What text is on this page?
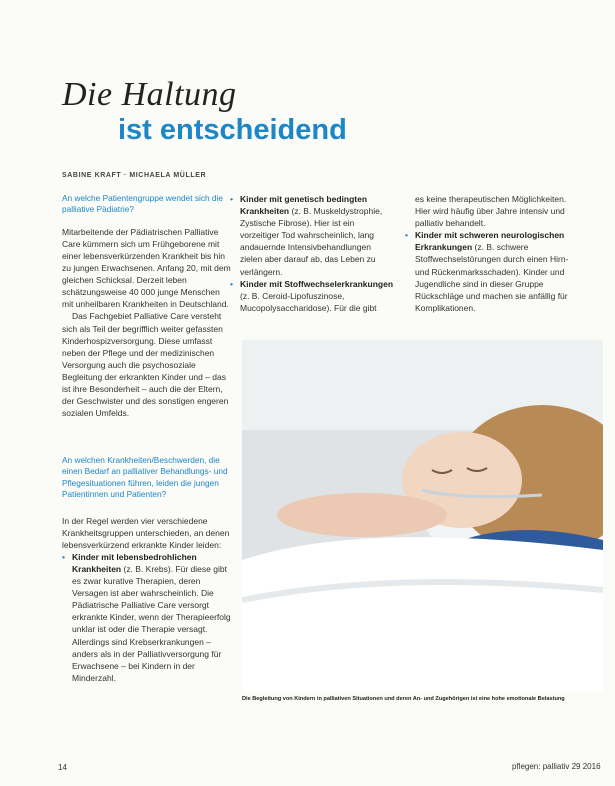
Die Haltung
ist entscheidend
SABINE KRAFT · MICHAELA MÜLLER

An welche Patientengruppe wendet sich die palliative Pädiatrie?

Mitarbeitende der Pädiatrischen Palliative Care kümmern sich um Frühgeborene mit einer lebensverkürzenden Krankheit bis hin zu jungen Erwachsenen. Anfang 20, mit dem gleichen Schicksal. Derzeit leben schätzungsweise 40 000 junge Menschen mit unheilbaren Krankheiten in Deutschland.

Das Fachgebiet Palliative Care versteht sich als Teil der begrifflich weiter gefassten Kinderhospizversorgung. Diese umfasst neben der Pflege und der medizinischen Versorgung auch die psychosoziale Begleitung der erkrankten Kinder und – das ist ihre Besonderheit – auch die der Eltern, der Geschwister und des sonstigen engeren sozialen Umfelds.

An welchen Krankheiten/Beschwerden, die einen Bedarf an palliativer Behandlungs- und Pflegesituationen führen, leiden die jungen Patientinnen und Patienten?

In der Regel werden vier verschiedene Krankheitsgruppen unterschieden, an denen lebensverkürzend erkrankte Kinder leiden:

• Kinder mit lebensbedrohlichen Krankheiten (z. B. Krebs). Für diese gibt es zwar kurative Therapien, deren Versagen ist aber wahrscheinlich. Die Pädiatrische Palliative Care versorgt erkrankte Kinder, wenn der Therapieerfolg unklar ist oder die Therapie versagt. Allerdings sind Krebserkrankungen – anders als in der Palliativversorgung für Erwachsene – bei Kindern in der Minderzahl.
• Kinder mit genetisch bedingten Krankheiten (z. B. Muskeldystrophie, Zystische Fibrose). Hier ist ein vorzeitiger Tod wahrscheinlich, lang andauernde Intensivbehandlungen zielen aber darauf ab, das Leben zu verlängern.
• Kinder mit Stoffwechselerkrankungen (z. B. Ceroid-Lipofuszinose, Mucopolysaccharidose). Für die gibt

es keine therapeutischen Möglichkeiten. Hier wird häufig über Jahre intensiv und palliativ behandelt.

• Kinder mit schweren neurologischen Erkrankungen (z. B. schwere Stoffwechselstörungen durch einen Hirn- und Rückenmarksschaden). Kinder und Jugendliche sind in dieser Gruppe Rückschläge und machen sie anfällig für Komplikationen.
Die Begleitung von Kindern in palliativen Situationen und deren An- und Zugehörigen ist eine hohe emotionale Belastung
14	pflegen: palliativ 29 2016
